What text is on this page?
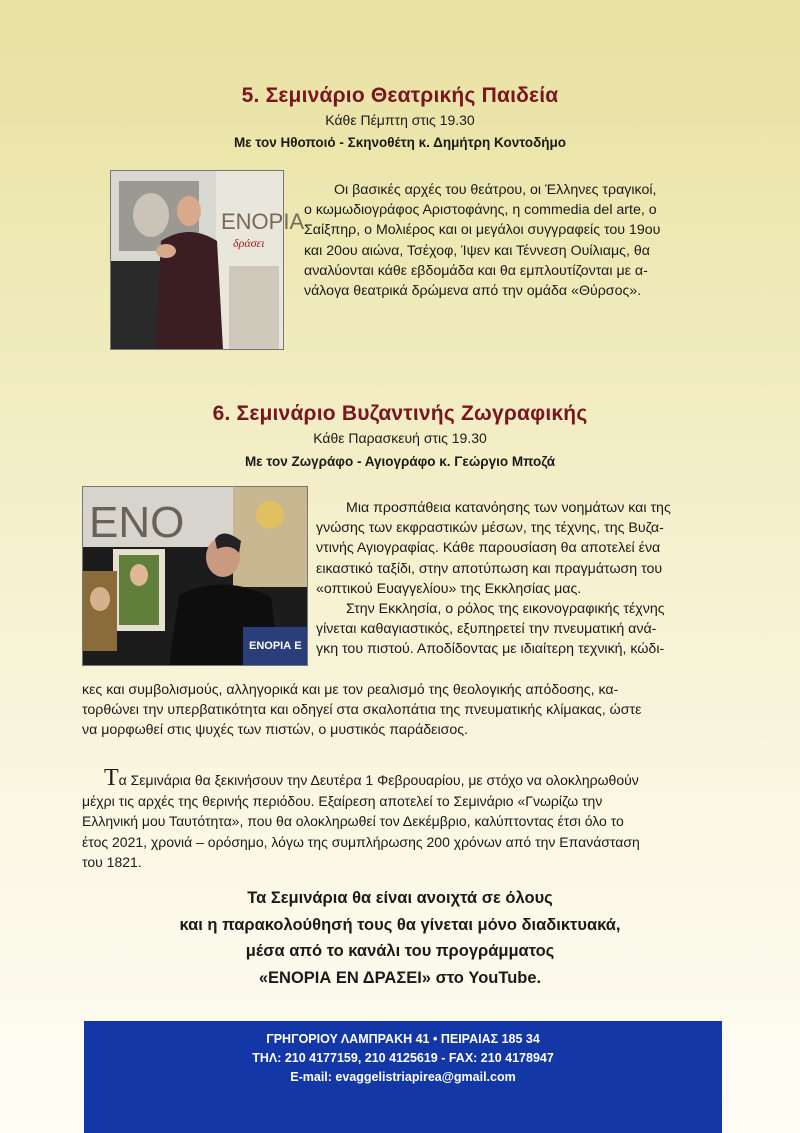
5. Σεμινάριο Θεατρικής Παιδεία
Κάθε Πέμπτη στις 19.30
Με τον Ηθοποιό - Σκηνοθέτη κ. Δημήτρη Κοντοδήμο
ΕΝΟΡΙΑ
δράσει

Οι βασικές αρχές του θεάτρου, οι Έλληνες τραγικοί,
ο κωμωδιογράφος Αριστοφάνης, η commedia del arte, ο
Σαίξπηρ, ο Μολιέρος και οι μεγάλοι συγγραφείς του 19ου
και 20ου αιώνα, Τσέχοφ, Ίψεν και Τέννεση Ουίλιαμς, θα
αναλύονται κάθε εβδομάδα και θα εμπλουτίζονται με α-
νάλογα θεατρικά δρώμενα από την ομάδα «Θύρσος».

6. Σεμινάριο Βυζαντινής Ζωγραφικής
Κάθε Παρασκευή στις 19.30
Με τον Ζωγράφο - Αγιογράφο κ. Γεώργιο Μποζά
ΕΝΟ
ΕΝΟΡΙΑ Ε

Μια προσπάθεια κατανόησης των νοημάτων και της
γνώσης των εκφραστικών μέσων, της τέχνης, της Βυζα-
ντινής Αγιογραφίας. Κάθε παρουσίαση θα αποτελεί ένα
εικαστικό ταξίδι, στην αποτύπωση και πραγμάτωση του
«οπτικού Ευαγγελίου» της Εκκλησίας μας.
Στην Εκκλησία, ο ρόλος της εικονογραφικής τέχνης
γίνεται καθαγιαστικός, εξυπηρετεί την πνευματική ανά-
γκη του πιστού. Αποδίδοντας με ιδιαίτερη τεχνική, κώδι-

κες και συμβολισμούς, αλληγορικά και με τον ρεαλισμό της θεολογικής απόδοσης, κα-
τορθώνει την υπερβατικότητα και οδηγεί στα σκαλοπάτια της πνευματικής κλίμακας, ώστε
να μορφωθεί στις ψυχές των πιστών, ο μυστικός παράδεισος.

Τα Σεμινάρια θα ξεκινήσουν την Δευτέρα 1 Φεβρουαρίου, με στόχο να ολοκληρωθούν
μέχρι τις αρχές της θερινής περιόδου. Εξαίρεση αποτελεί το Σεμινάριο «Γνωρίζω την
Ελληνική μου Ταυτότητα», που θα ολοκληρωθεί τον Δεκέμβριο, καλύπτοντας έτσι όλο το
έτος 2021, χρονιά – ορόσημο, λόγω της συμπλήρωσης 200 χρόνων από την Επανάσταση
του 1821.

Τα Σεμινάρια θα είναι ανοιχτά σε όλους
και η παρακολούθησή τους θα γίνεται μόνο διαδικτυακά,
μέσα από το κανάλι του προγράμματος
«ΕΝΟΡΙΑ ΕΝ ΔΡΑΣΕΙ» στο YouTube.
ΓΡΗΓΟΡΙΟΥ ΛΑΜΠΡΑΚΗ 41 • ΠΕΙΡΑΙΑΣ 185 34
ΤΗΛ: 210 4177159, 210 4125619 - FAX: 210 4178947
E-mail: evaggelistriapirea@gmail.com
